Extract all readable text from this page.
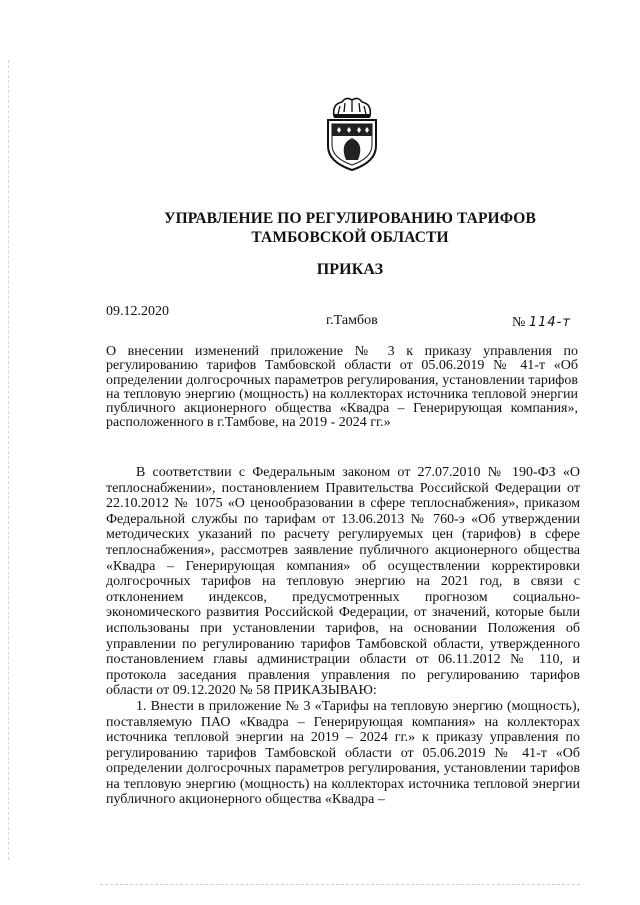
УПРАВЛЕНИЕ ПО РЕГУЛИРОВАНИЮ ТАРИФОВ
ТАМБОВСКОЙ ОБЛАСТИ
ПРИКАЗ
09.12.2020
г.Тамбов	№ 114-т
О внесении изменений приложение № 3 к приказу управления по регулированию тарифов Тамбовской области от 05.06.2019 № 41-т «Об определении долгосрочных параметров регулирования, установлении тарифов на тепловую энергию (мощность) на коллекторах источника тепловой энергии публичного акционерного общества «Квадра – Генерирующая компания», расположенного в г.Тамбове, на 2019 - 2024 гг.»

В соответствии с Федеральным законом от 27.07.2010 № 190-ФЗ «О теплоснабжении», постановлением Правительства Российской Федерации от 22.10.2012 № 1075 «О ценообразовании в сфере теплоснабжения», приказом Федеральной службы по тарифам от 13.06.2013 № 760-э «Об утверждении методических указаний по расчету регулируемых цен (тарифов) в сфере теплоснабжения», рассмотрев заявление публичного акционерного общества «Квадра – Генерирующая компания» об осуществлении корректировки долгосрочных тарифов на тепловую энергию на 2021 год, в связи с отклонением индексов, предусмотренных прогнозом социально-экономического развития Российской Федерации, от значений, которые были использованы при установлении тарифов, на основании Положения об управлении по регулированию тарифов Тамбовской области, утвержденного постановлением главы администрации области от 06.11.2012 № 110, и протокола заседания правления управления по регулированию тарифов области от 09.12.2020 № 58 ПРИКАЗЫВАЮ:

1. Внести в приложение № 3 «Тарифы на тепловую энергию (мощность), поставляемую ПАО «Квадра – Генерирующая компания» на коллекторах источника тепловой энергии на 2019 – 2024 гг.» к приказу управления по регулированию тарифов Тамбовской области от 05.06.2019 № 41-т «Об определении долгосрочных параметров регулирования, установлении тарифов на тепловую энергию (мощность) на коллекторах источника тепловой энергии публичного акционерного общества «Квадра –
